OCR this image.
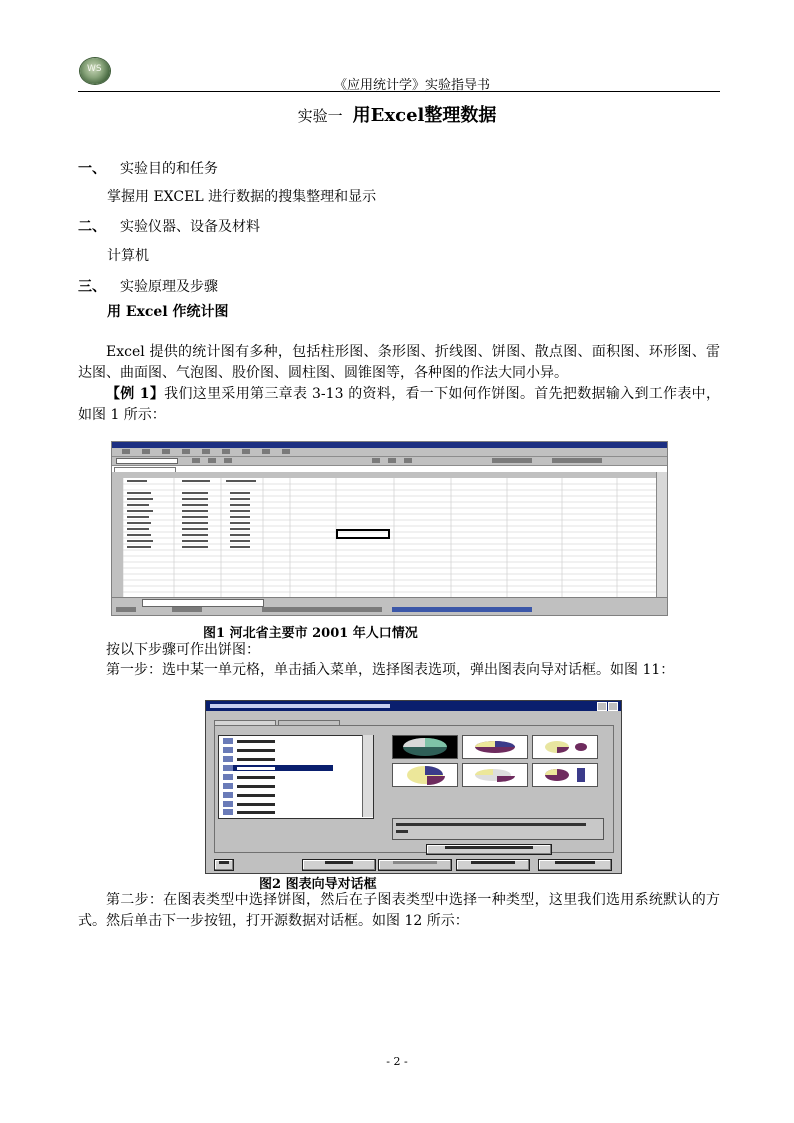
WS
《应用统计学》实验指导书
实验一 用Excel整理数据
一、 实验目的和任务
掌握用 EXCEL 进行数据的搜集整理和显示
二、 实验仪器、设备及材料
计算机
三、 实验原理及步骤
用 Excel 作统计图
Excel 提供的统计图有多种，包括柱形图、条形图、折线图、饼图、散点图、面积图、环形图、雷达图、曲面图、气泡图、股价图、圆柱图、圆锥图等，各种图的作法大同小异。
【例 1】我们这里采用第三章表 3-13 的资料，看一下如何作饼图。首先把数据输入到工作表中，如图 1 所示：
图1 河北省主要市 2001 年人口情况
按以下步骤可作出饼图：
第一步：选中某一单元格，单击插入菜单，选择图表选项，弹出图表向导对话框。如图 11：
图2 图表向导对话框
第二步：在图表类型中选择饼图，然后在子图表类型中选择一种类型，这里我们选用系统默认的方式。然后单击下一步按钮，打开源数据对话框。如图 12 所示：
- 2 -
